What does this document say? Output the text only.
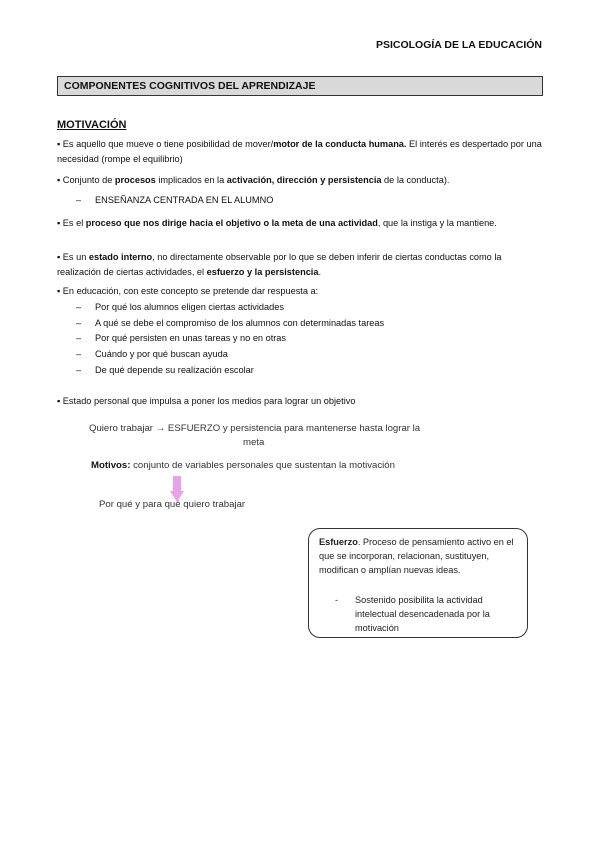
PSICOLOGÍA DE LA EDUCACIÓN
COMPONENTES COGNITIVOS DEL APRENDIZAJE
MOTIVACIÓN
▪ Es aquello que mueve o tiene posibilidad de mover/motor de la conducta humana. El interés es despertado por una necesidad (rompe el equilibrio)
▪ Conjunto de procesos implicados en la activación, dirección y persistencia de la conducta).
– ENSEÑANZA CENTRADA EN EL ALUMNO
▪ Es el proceso que nos dirige hacia el objetivo o la meta de una actividad, que la instiga y la mantiene.
▪ Es un estado interno, no directamente observable por lo que se deben inferir de ciertas conductas como la realización de ciertas actividades, el esfuerzo y la persistencia.
▪ En educación, con este concepto se pretende dar respuesta a:
– Por qué los alumnos eligen ciertas actividades
– A qué se debe el compromiso de los alumnos con determinadas tareas
– Por qué persisten en unas tareas y no en otras
– Cuándo y por qué buscan ayuda
– De qué depende su realización escolar
▪ Estado personal que impulsa a poner los medios para lograr un objetivo
Quiero trabajar → ESFUERZO y persistencia para mantenerse hasta lograr la
meta
Motivos: conjunto de variables personales que sustentan la motivación
Por qué y para qué quiero trabajar
Esfuerzo. Proceso de pensamiento activo en el que se incorporan, relacionan, sustituyen, modifican o amplían nuevas ideas.
-	Sostenido posibilita la actividad intelectual desencadenada por la motivación
